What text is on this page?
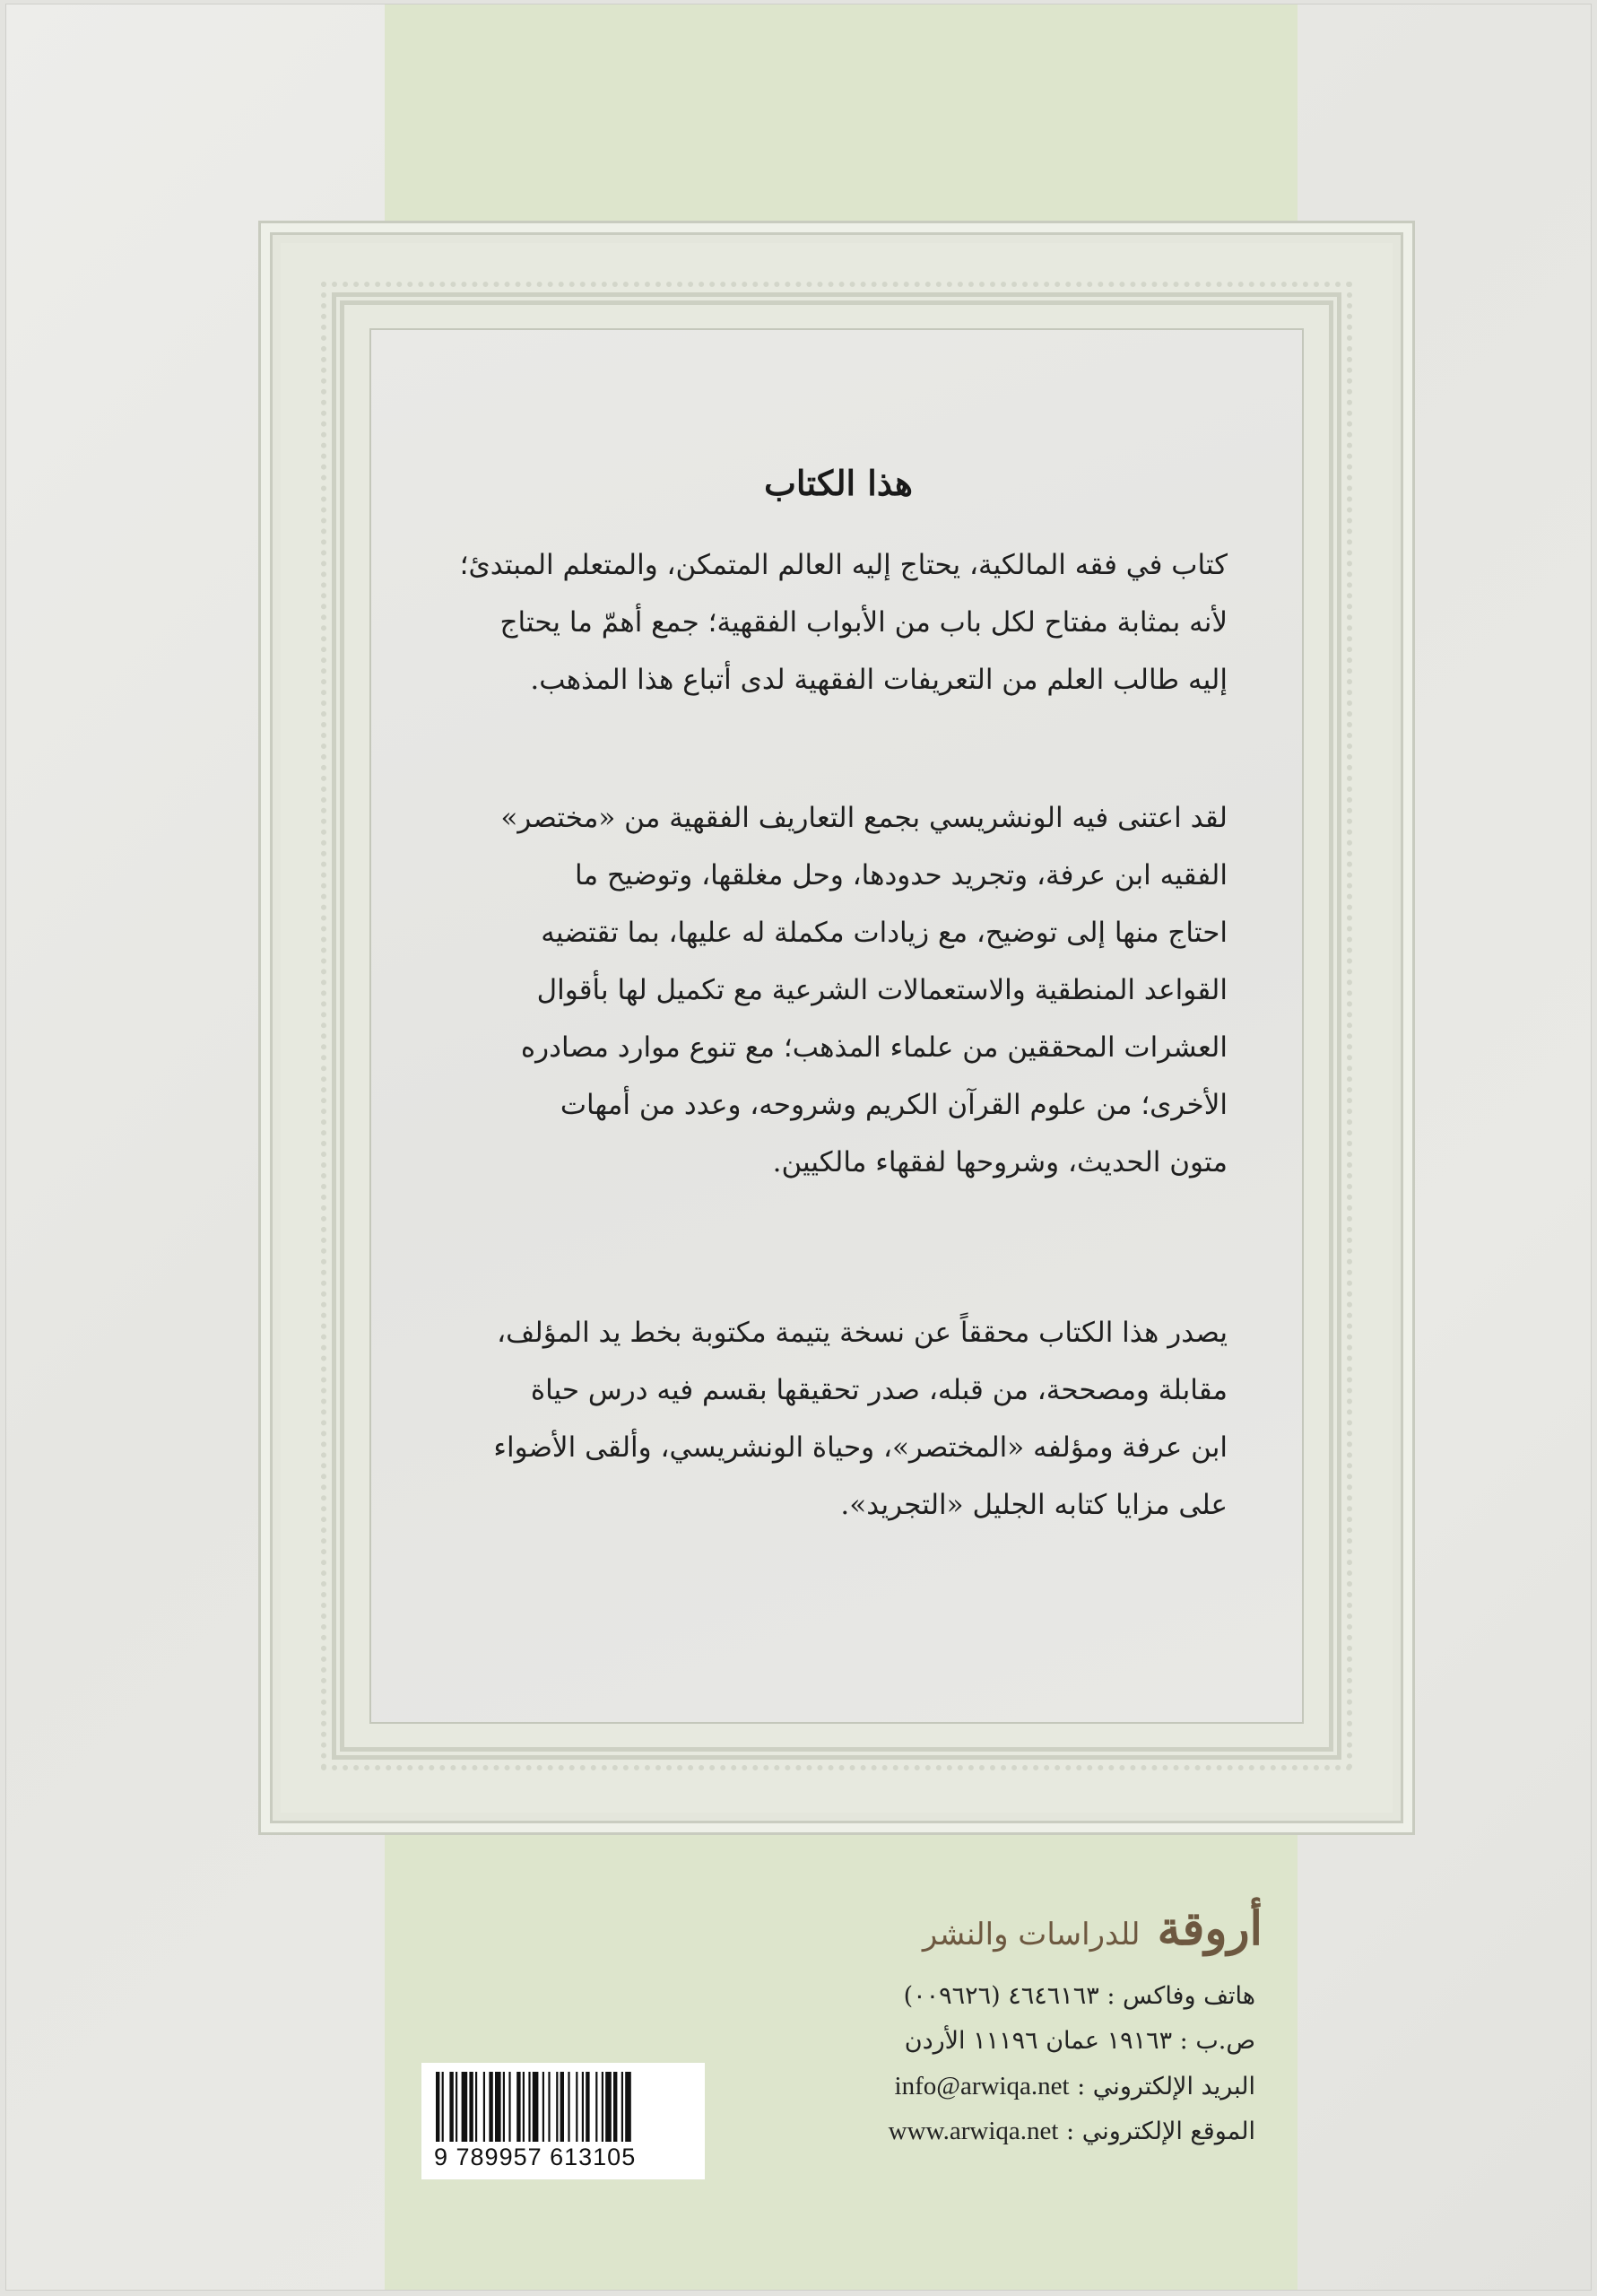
هذا الكتاب
كتاب في فقه المالكية، يحتاج إليه العالم المتمكن، والمتعلم المبتدئ؛
لأنه بمثابة مفتاح لكل باب من الأبواب الفقهية؛ جمع أهمّ ما يحتاج
إليه طالب العلم من التعريفات الفقهية لدى أتباع هذا المذهب.
لقد اعتنى فيه الونشريسي بجمع التعاريف الفقهية من «مختصر»
الفقيه ابن عرفة، وتجريد حدودها، وحل مغلقها، وتوضيح ما
احتاج منها إلى توضيح، مع زيادات مكملة له عليها، بما تقتضيه
القواعد المنطقية والاستعمالات الشرعية مع تكميل لها بأقوال
العشرات المحققين من علماء المذهب؛ مع تنوع موارد مصادره
الأخرى؛ من علوم القرآن الكريم وشروحه، وعدد من أمهات
متون الحديث، وشروحها لفقهاء مالكيين.
يصدر هذا الكتاب محققاً عن نسخة يتيمة مكتوبة بخط يد المؤلف،
مقابلة ومصححة، من قبله، صدر تحقيقها بقسم فيه درس حياة
ابن عرفة ومؤلفه «المختصر»، وحياة الونشريسي، وألقى الأضواء
على مزايا كتابه الجليل «التجريد».
أروقة للدراسات والنشر
هاتف وفاكس : ٤٦٤٦١٦٣ (٠٠٩٦٢٦)
ص.ب : ١٩١٦٣ عمان ١١١٩٦ الأردن
البريد الإلكتروني : info@arwiqa.net
الموقع الإلكتروني : www.arwiqa.net
9 789957 613105
